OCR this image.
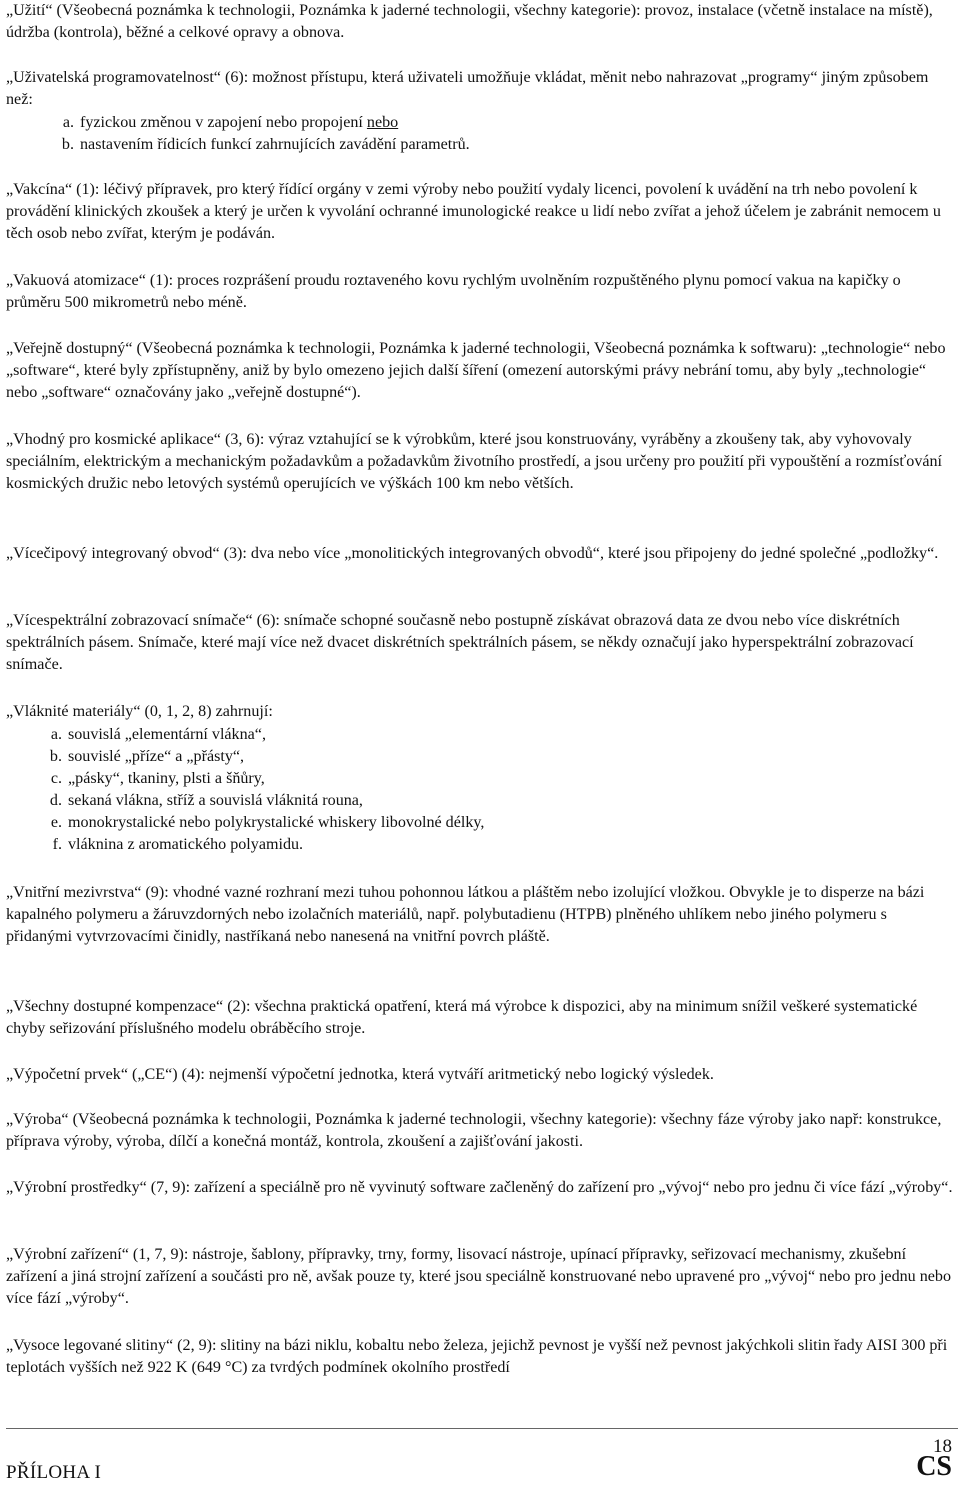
„Užití“ (Všeobecná poznámka k technologii, Poznámka k jaderné technologii, všechny kategorie): provoz, instalace (včetně instalace na místě), údržba (kontrola), běžné a celkové opravy a obnova.

„Uživatelská programovatelnost“ (6): možnost přístupu, která uživateli umožňuje vkládat, měnit nebo nahrazovat „programy“ jiným způsobem než:

a. fyzickou změnou v zapojení nebo propojení nebo
b. nastavením řídicích funkcí zahrnujících zavádění parametrů.

„Vakcína“ (1): léčivý přípravek, pro který řídící orgány v zemi výroby nebo použití vydaly licenci, povolení k uvádění na trh nebo povolení k provádění klinických zkoušek a který je určen k vyvolání ochranné imunologické reakce u lidí nebo zvířat a jehož účelem je zabránit nemocem u těch osob nebo zvířat, kterým je podáván.

„Vakuová atomizace“ (1): proces rozprášení proudu roztaveného kovu rychlým uvolněním rozpuštěného plynu pomocí vakua na kapičky o průměru 500 mikrometrů nebo méně.

„Veřejně dostupný“ (Všeobecná poznámka k technologii, Poznámka k jaderné technologii, Všeobecná poznámka k softwaru): „technologie“ nebo „software“, které byly zpřístupněny, aniž by bylo omezeno jejich další šíření (omezení autorskými právy nebrání tomu, aby byly „technologie“ nebo „software“ označovány jako „veřejně dostupné“).

„Vhodný pro kosmické aplikace“ (3, 6): výraz vztahující se k výrobkům, které jsou konstruovány, vyráběny a zkoušeny tak, aby vyhovovaly speciálním, elektrickým a mechanickým požadavkům a požadavkům životního prostředí, a jsou určeny pro použití při vypouštění a rozmísťování kosmických družic nebo letových systémů operujících ve výškách 100 km nebo větších.

„Vícečipový integrovaný obvod“ (3): dva nebo více „monolitických integrovaných obvodů“, které jsou připojeny do jedné společné „podložky“.

„Vícespektrální zobrazovací snímače“ (6): snímače schopné současně nebo postupně získávat obrazová data ze dvou nebo více diskrétních spektrálních pásem. Snímače, které mají více než dvacet diskrétních spektrálních pásem, se někdy označují jako hyperspektrální zobrazovací snímače.

„Vláknité materiály“ (0, 1, 2, 8) zahrnují:

a. souvislá „elementární vlákna“,
b. souvislé „příze“ a „přásty“,
c. „pásky“, tkaniny, plsti a šňůry,
d. sekaná vlákna, stříž a souvislá vláknitá rouna,
e. monokrystalické nebo polykrystalické whiskery libovolné délky,
f. vláknina z aromatického polyamidu.

„Vnitřní mezivrstva“ (9): vhodné vazné rozhraní mezi tuhou pohonnou látkou a pláštěm nebo izolující vložkou. Obvykle je to disperze na bázi kapalného polymeru a žáruvzdorných nebo izolačních materiálů, např. polybutadienu (HTPB) plněného uhlíkem nebo jiného polymeru s přidanými vytvrzovacími činidly, nastříkaná nebo nanesená na vnitřní povrch pláště.

„Všechny dostupné kompenzace“ (2): všechna praktická opatření, která má výrobce k dispozici, aby na minimum snížil veškeré systematické chyby seřizování příslušného modelu obráběcího stroje.

„Výpočetní prvek“ („CE“) (4): nejmenší výpočetní jednotka, která vytváří aritmetický nebo logický výsledek.

„Výroba“ (Všeobecná poznámka k technologii, Poznámka k jaderné technologii, všechny kategorie): všechny fáze výroby jako např: konstrukce, příprava výroby, výroba, dílčí a konečná montáž, kontrola, zkoušení a zajišťování jakosti.

„Výrobní prostředky“ (7, 9): zařízení a speciálně pro ně vyvinutý software začleněný do zařízení pro „vývoj“ nebo pro jednu či více fází „výroby“.

„Výrobní zařízení“ (1, 7, 9): nástroje, šablony, přípravky, trny, formy, lisovací nástroje, upínací přípravky, seřizovací mechanismy, zkušební zařízení a jiná strojní zařízení a součásti pro ně, avšak pouze ty, které jsou speciálně konstruované nebo upravené pro „vývoj“ nebo pro jednu nebo více fází „výroby“.

„Vysoce legované slitiny“ (2, 9): slitiny na bázi niklu, kobaltu nebo železa, jejichž pevnost je vyšší než pevnost jakýchkoli slitin řady AISI 300 při teplotách vyšších než 922 K (649 °C) za tvrdých podmínek okolního prostředí

PŘÍLOHA I
18
CS
